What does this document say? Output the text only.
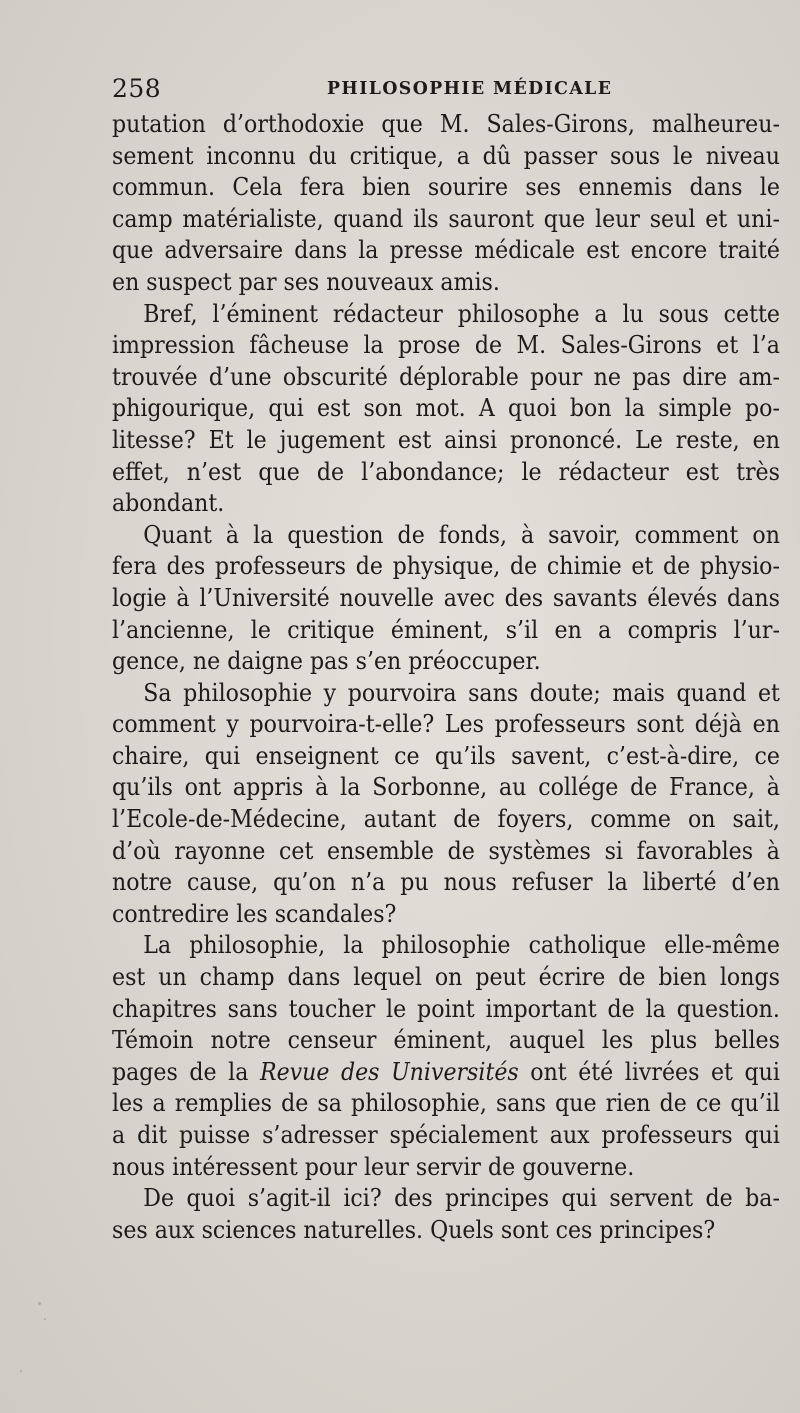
258	PHILOSOPHIE MÉDICALE
putation d’orthodoxie que M. Sales-Girons, malheureu-
sement inconnu du critique, a dû passer sous le niveau
commun. Cela fera bien sourire ses ennemis dans le
camp matérialiste, quand ils sauront que leur seul et uni-
que adversaire dans la presse médicale est encore traité
en suspect par ses nouveaux amis.
Bref, l’éminent rédacteur philosophe a lu sous cette
impression fâcheuse la prose de M. Sales-Girons et l’a
trouvée d’une obscurité déplorable pour ne pas dire am-
phigourique, qui est son mot. A quoi bon la simple po-
litesse? Et le jugement est ainsi prononcé. Le reste, en
effet, n’est que de l’abondance; le rédacteur est très
abondant.
Quant à la question de fonds, à savoir, comment on
fera des professeurs de physique, de chimie et de physio-
logie à l’Université nouvelle avec des savants élevés dans
l’ancienne, le critique éminent, s’il en a compris l’ur-
gence, ne daigne pas s’en préoccuper.
Sa philosophie y pourvoira sans doute; mais quand et
comment y pourvoira-t-elle? Les professeurs sont déjà en
chaire, qui enseignent ce qu’ils savent, c’est-à-dire, ce
qu’ils ont appris à la Sorbonne, au collége de France, à
l’Ecole-de-Médecine, autant de foyers, comme on sait,
d’où rayonne cet ensemble de systèmes si favorables à
notre cause, qu’on n’a pu nous refuser la liberté d’en
contredire les scandales?
La philosophie, la philosophie catholique elle-même
est un champ dans lequel on peut écrire de bien longs
chapitres sans toucher le point important de la question.
Témoin notre censeur éminent, auquel les plus belles
pages de la Revue des Universités ont été livrées et qui
les a remplies de sa philosophie, sans que rien de ce qu’il
a dit puisse s’adresser spécialement aux professeurs qui
nous intéressent pour leur servir de gouverne.
De quoi s’agit-il ici? des principes qui servent de ba-
ses aux sciences naturelles. Quels sont ces principes?
